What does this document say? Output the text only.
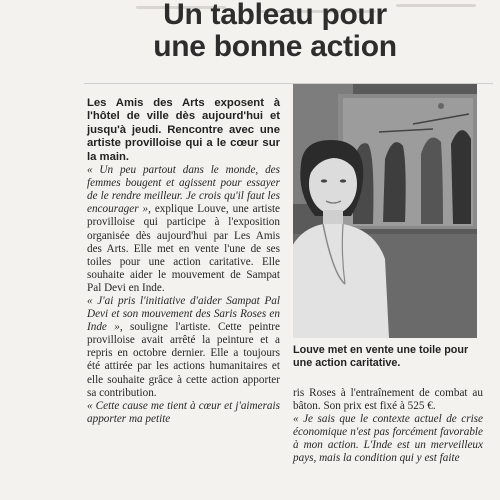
Un tableau pour
une bonne action

Les Amis des Arts exposent à l'hôtel de ville dès aujourd'hui et jusqu'à jeudi. Rencontre avec une artiste provilloise qui a le cœur sur la main.

« Un peu partout dans le monde, des femmes bougent et agissent pour essayer de le rendre meilleur. Je crois qu'il faut les encourager », explique Louve, une artiste provilloise qui participe à l'exposition organisée dès aujourd'hui par Les Amis des Arts. Elle met en vente l'une de ses toiles pour une action caritative. Elle souhaite aider le mouvement de Sampat Pal Devi en Inde.

« J'ai pris l'initiative d'aider Sampat Pal Devi et son mouvement des Saris Roses en Inde », souligne l'artiste. Cette peintre provilloise avait arrêté la peinture et a repris en octobre dernier. Elle a toujours été attirée par les actions humanitaires et elle souhaite grâce à cette action apporter sa contribution.

« Cette cause me tient à cœur et j'aimerais apporter ma petite

Louve met en vente une toile pour une action caritative.

ris Roses à l'entraînement de combat au bâton. Son prix est fixé à 525 €.

« Je sais que le contexte actuel de crise économique n'est pas forcément favorable à mon action. L'Inde est un merveilleux pays, mais la condition qui y est faite
